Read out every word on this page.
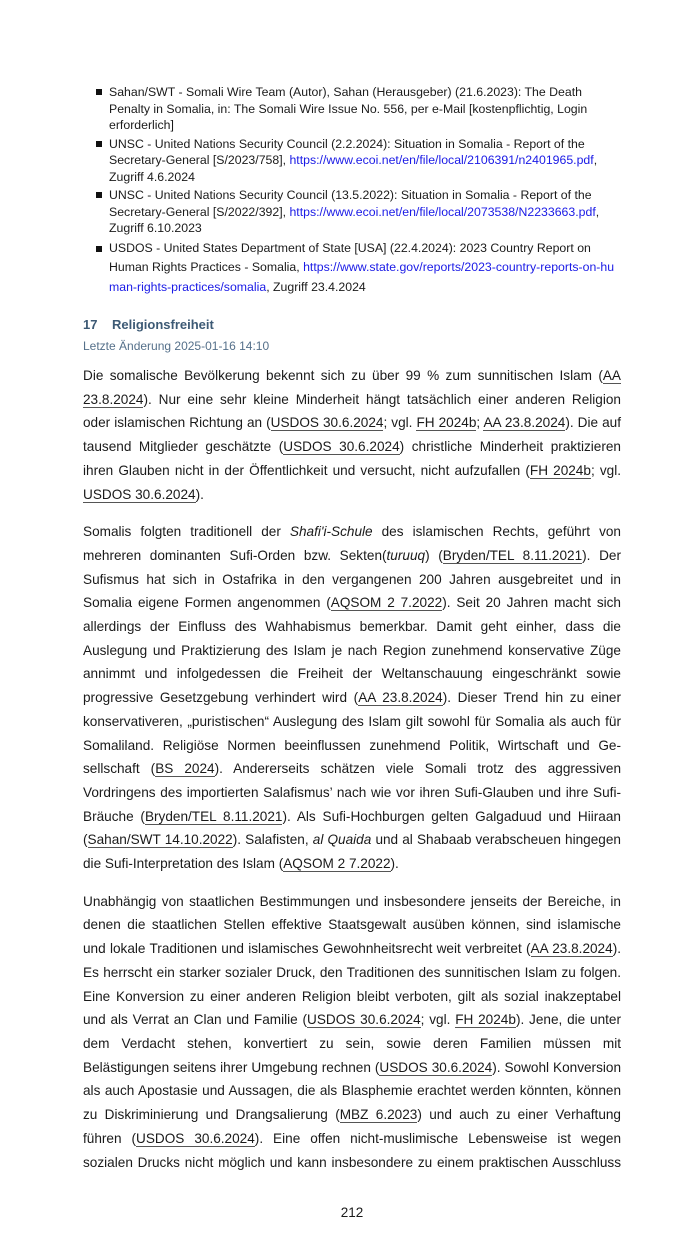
Sahan/SWT - Somali Wire Team (Autor), Sahan (Herausgeber) (21.6.2023): The Death Penalty in Somalia, in: The Somali Wire Issue No. 556, per e-Mail [kostenpflichtig, Login erforderlich]
UNSC - United Nations Security Council (2.2.2024): Situation in Somalia - Report of the Secretary-General [S/2023/758], https://www.ecoi.net/en/file/local/2106391/n2401965.pdf, Zugriff 4.6.2024
UNSC - United Nations Security Council (13.5.2022): Situation in Somalia - Report of the Secretary-General [S/2022/392], https://www.ecoi.net/en/file/local/2073538/N2233663.pdf, Zugriff 6.10.2023
USDOS - United States Department of State [USA] (22.4.2024): 2023 Country Report on Human Rights Practices - Somalia, https://www.state.gov/reports/2023-country-reports-on-human-rights-practices/somalia, Zugriff 23.4.2024
17 Religionsfreiheit
Letzte Änderung 2025-01-16 14:10

Die somalische Bevölkerung bekennt sich zu über 99 % zum sunnitischen Islam (AA 23.8.2024). Nur eine sehr kleine Minderheit hängt tatsächlich einer anderen Religion oder islamischen Richtung an (USDOS 30.6.2024; vgl. FH 2024b; AA 23.8.2024). Die auf tausend Mitglieder geschätzte (USDOS 30.6.2024) christliche Minderheit praktizieren ihren Glauben nicht in der Öffentlichkeit und versucht, nicht aufzufallen (FH 2024b; vgl. USDOS 30.6.2024).

Somalis folgten traditionell der Shafi'i-Schule des islamischen Rechts, geführt von mehreren dominanten Sufi-Orden bzw. Sekten(turuuq) (Bryden/TEL 8.11.2021). Der Sufismus hat sich in Ostafrika in den vergangenen 200 Jahren ausgebreitet und in Somalia eigene Formen angenommen (AQSOM 2 7.2022). Seit 20 Jahren macht sich allerdings der Einfluss des Wahhabismus bemerkbar. Damit geht einher, dass die Auslegung und Praktizierung des Islam je nach Region zunehmend konservative Züge annimmt und infolgedessen die Freiheit der Weltanschauung eingeschränkt sowie progressive Gesetzgebung verhindert wird (AA 23.8.2024). Dieser Trend hin zu einer konservativeren, „puristischen“ Auslegung des Islam gilt sowohl für Somalia als auch für Somaliland. Religiöse Normen beeinflussen zunehmend Politik, Wirtschaft und Gesellschaft (BS 2024). Andererseits schätzen viele Somali trotz des aggressiven Vordringens des importierten Salafismus’ nach wie vor ihren Sufi-Glauben und ihre Sufi-Bräuche (Bryden/TEL 8.11.2021). Als Sufi-Hochburgen gelten Galgaduud und Hiiraan (Sahan/SWT 14.10.2022). Salafisten, al Quaida und al Shabaab verabscheuen hingegen die Sufi-Interpretation des Islam (AQSOM 2 7.2022).

Unabhängig von staatlichen Bestimmungen und insbesondere jenseits der Bereiche, in denen die staatlichen Stellen effektive Staatsgewalt ausüben können, sind islamische und lokale Traditionen und islamisches Gewohnheitsrecht weit verbreitet (AA 23.8.2024). Es herrscht ein starker sozialer Druck, den Traditionen des sunnitischen Islam zu folgen. Eine Konversion zu einer anderen Religion bleibt verboten, gilt als sozial inakzeptabel und als Verrat an Clan und Familie (USDOS 30.6.2024; vgl. FH 2024b). Jene, die unter dem Verdacht stehen, konvertiert zu sein, sowie deren Familien müssen mit Belästigungen seitens ihrer Umgebung rechnen (USDOS 30.6.2024). Sowohl Konversion als auch Apostasie und Aussagen, die als Blasphemie erachtet werden könnten, können zu Diskriminierung und Drangsalierung (MBZ 6.2023) und auch zu einer Verhaftung führen (USDOS 30.6.2024). Eine offen nicht-muslimische Lebensweise ist wegen sozialen Drucks nicht möglich und kann insbesondere zu einem praktischen Ausschluss

212
